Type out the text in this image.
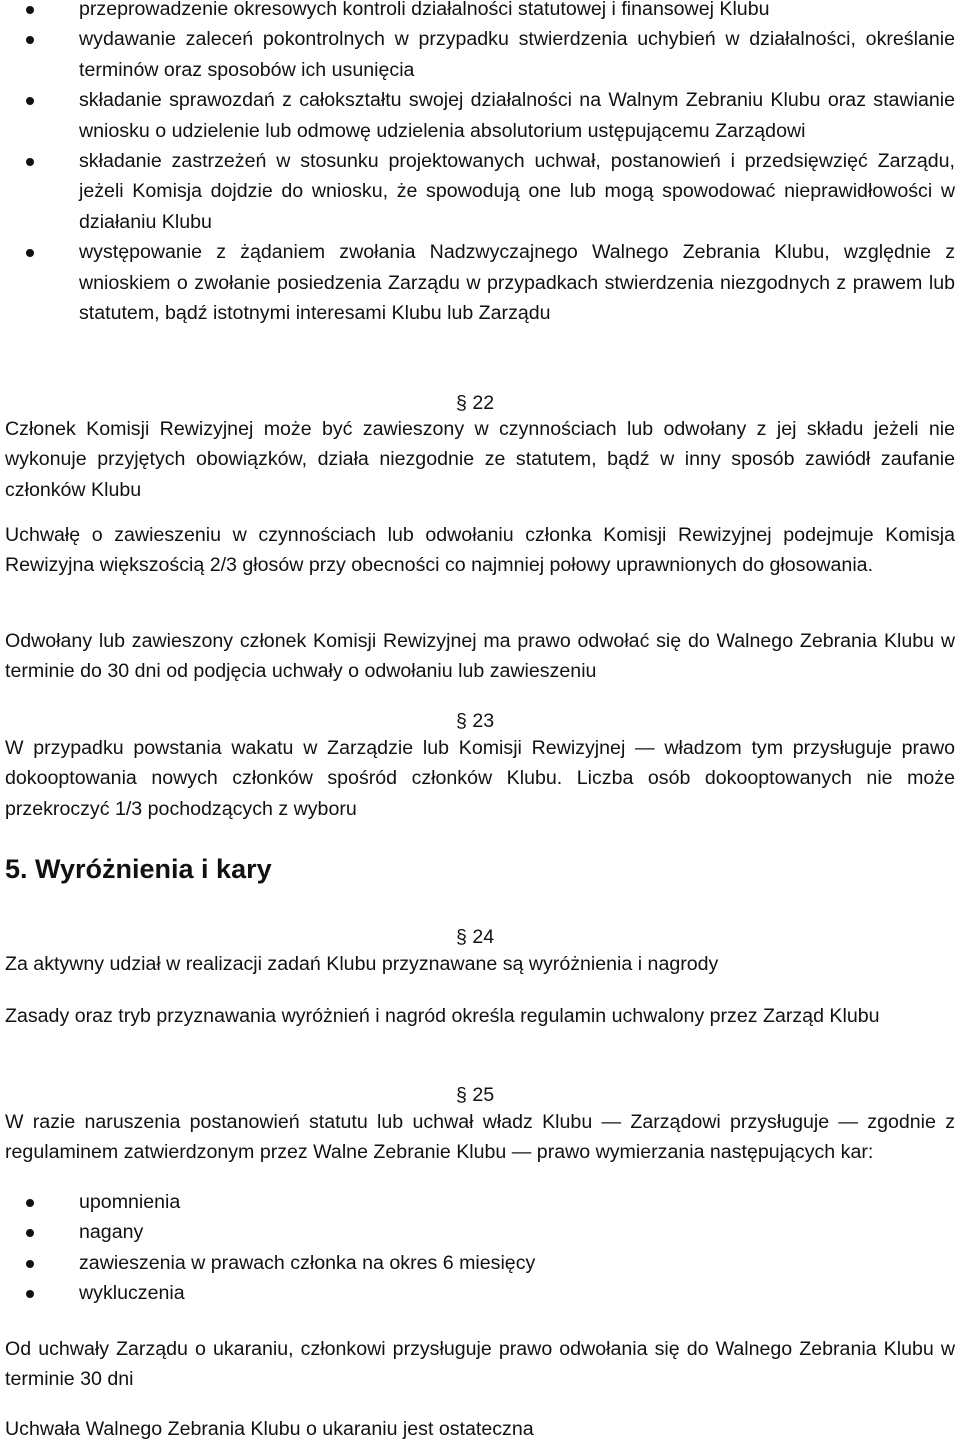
przeprowadzenie okresowych kontroli działalności statutowej i finansowej Klubu
wydawanie zaleceń pokontrolnych w przypadku stwierdzenia uchybień w działalności, określanie terminów oraz sposobów ich usunięcia
składanie sprawozdań z całokształtu swojej działalności na Walnym Zebraniu Klubu oraz stawianie wniosku o udzielenie lub odmowę udzielenia absolutorium ustępującemu Zarządowi
składanie zastrzeżeń w stosunku projektowanych uchwał, postanowień i przedsięwzięć Zarządu, jeżeli Komisja dojdzie do wniosku, że spowodują one lub mogą spowodować nieprawidłowości w działaniu Klubu
występowanie z żądaniem zwołania Nadzwyczajnego Walnego Zebrania Klubu, względnie z wnioskiem o zwołanie posiedzenia Zarządu w przypadkach stwierdzenia niezgodnych z prawem lub statutem, bądź istotnymi interesami Klubu lub Zarządu
§ 22

Członek Komisji Rewizyjnej może być zawieszony w czynnościach lub odwołany z jej składu jeżeli nie wykonuje przyjętych obowiązków, działa niezgodnie ze statutem, bądź w inny sposób zawiódł zaufanie członków Klubu

Uchwałę o zawieszeniu w czynnościach lub odwołaniu członka Komisji Rewizyjnej podejmuje Komisja Rewizyjna większością 2/3 głosów przy obecności co najmniej połowy uprawnionych do głosowania.

Odwołany lub zawieszony członek Komisji Rewizyjnej ma prawo odwołać się do Walnego Zebrania Klubu w terminie do 30 dni od podjęcia uchwały o odwołaniu lub zawieszeniu

§ 23

W przypadku powstania wakatu w Zarządzie lub Komisji Rewizyjnej — władzom tym przysługuje prawo dokooptowania nowych członków spośród członków Klubu. Liczba osób dokooptowanych nie może przekroczyć 1/3 pochodzących z wyboru

5. Wyróżnienia i kary
§ 24

Za aktywny udział w realizacji zadań Klubu przyznawane są wyróżnienia i nagrody

Zasady oraz tryb przyznawania wyróżnień i nagród określa regulamin uchwalony przez Zarząd Klubu

§ 25

W razie naruszenia postanowień statutu lub uchwał władz Klubu — Zarządowi przysługuje — zgodnie z regulaminem zatwierdzonym przez Walne Zebranie Klubu — prawo wymierzania następujących kar:

upomnienia
nagany
zawieszenia w prawach członka na okres 6 miesięcy
wykluczenia

Od uchwały Zarządu o ukaraniu, członkowi przysługuje prawo odwołania się do Walnego Zebrania Klubu w terminie 30 dni

Uchwała Walnego Zebrania Klubu o ukaraniu jest ostateczna
